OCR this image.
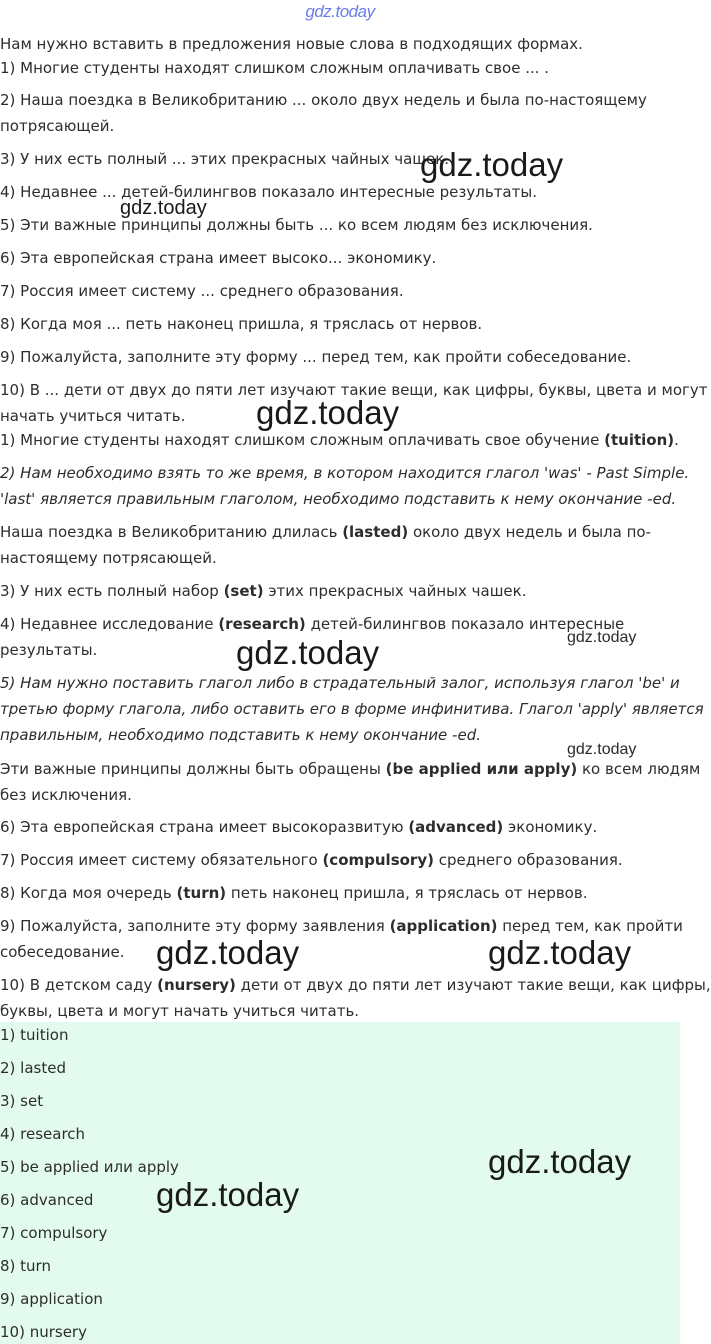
gdz.today
Нам нужно вставить в предложения новые слова в подходящих формах.
1) Многие студенты находят слишком сложным оплачивать свое ... .
2) Наша поездка в Великобританию ... около двух недель и была по-настоящему
потрясающей.
3) У них есть полный ... этих прекрасных чайных чашек.
4) Недавнее ... детей-билингвов показало интересные результаты.
5) Эти важные принципы должны быть ... ко всем людям без исключения.
6) Эта европейская страна имеет высоко... экономику.
7) Россия имеет систему ... среднего образования.
8) Когда моя ... петь наконец пришла, я тряслась от нервов.
9) Пожалуйста, заполните эту форму ... перед тем, как пройти собеседование.
10) В ... дети от двух до пяти лет изучают такие вещи, как цифры, буквы, цвета и могут
начать учиться читать.
1) Многие студенты находят слишком сложным оплачивать свое обучение (tuition).
2) Нам необходимо взять то же время, в котором находится глагол 'was' - Past Simple.
'last' является правильным глаголом, необходимо подставить к нему окончание -ed.
Наша поездка в Великобританию длилась (lasted) около двух недель и была по-
настоящему потрясающей.
3) У них есть полный набор (set) этих прекрасных чайных чашек.
4) Недавнее исследование (research) детей-билингвов показало интересные
результаты.
5) Нам нужно поставить глагол либо в страдательный залог, используя глагол 'be' и
третью форму глагола, либо оставить его в форме инфинитива. Глагол 'apply' является
правильным, необходимо подставить к нему окончание -ed.
Эти важные принципы должны быть обращены (be applied или apply) ко всем людям
без исключения.
6) Эта европейская страна имеет высокоразвитую (advanced) экономику.
7) Россия имеет систему обязательного (compulsory) среднего образования.
8) Когда моя очередь (turn) петь наконец пришла, я тряслась от нервов.
9) Пожалуйста, заполните эту форму заявления (application) перед тем, как пройти
собеседование.
10) В детском саду (nursery) дети от двух до пяти лет изучают такие вещи, как цифры,
буквы, цвета и могут начать учиться читать.
1) tuition
2) lasted
3) set
4) research
5) be applied или apply
6) advanced
7) compulsory
8) turn
9) application
10) nursery
gdz.today
gdz.today
gdz.today
gdz.today
gdz.today
gdz.today
gdz.today	gdz.today
gdz.today
gdz.today
